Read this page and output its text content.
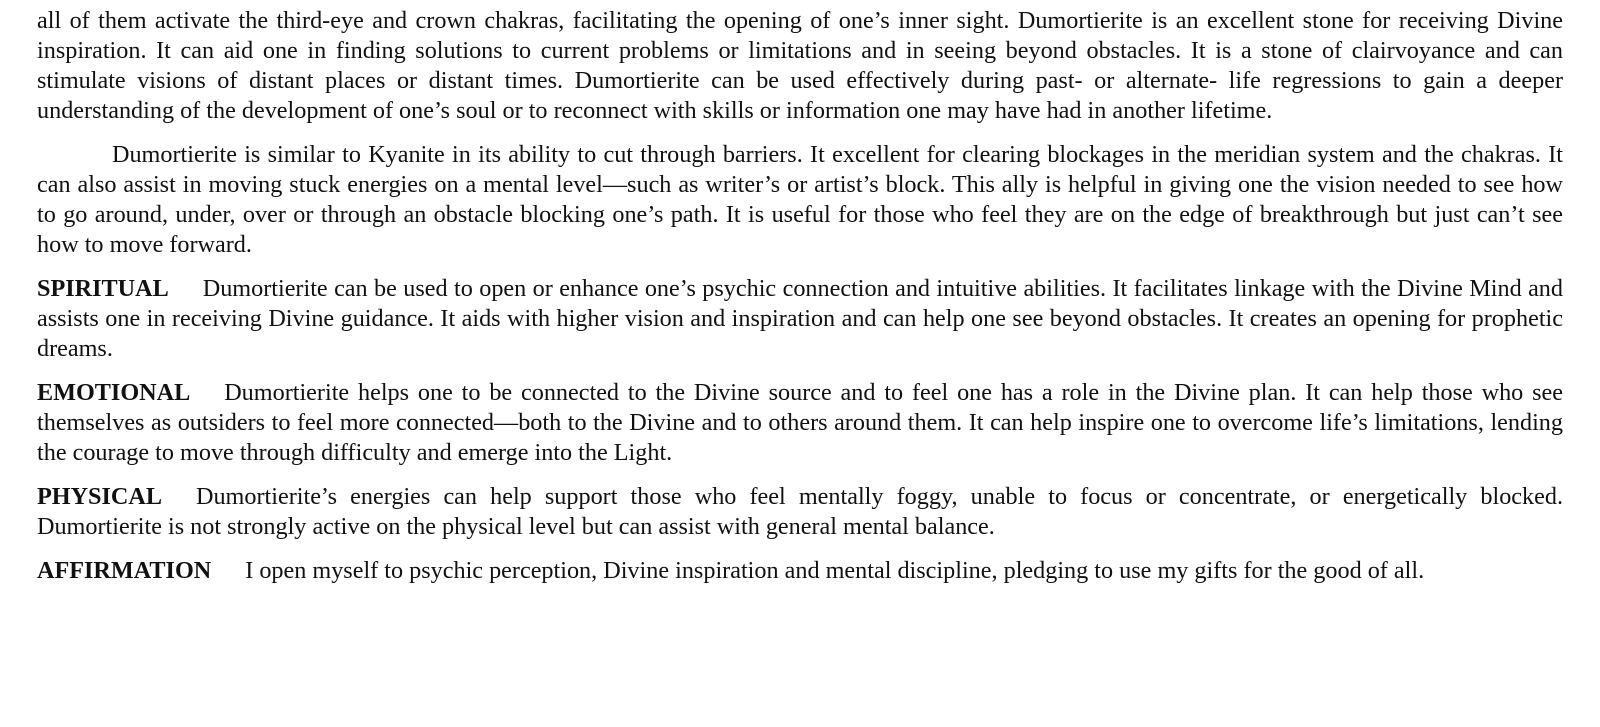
all of them activate the third-eye and crown chakras, facilitating the opening of one’s inner sight. Dumortierite is an excellent stone for receiving Divine inspiration. It can aid one in finding solutions to current problems or limitations and in seeing beyond obstacles. It is a stone of clairvoyance and can stimulate visions of distant places or distant times. Dumortierite can be used effectively during past- or alternate- life regressions to gain a deeper understanding of the development of one’s soul or to reconnect with skills or information one may have had in another lifetime.

Dumortierite is similar to Kyanite in its ability to cut through barriers. It excellent for clearing blockages in the meridian system and the chakras. It can also assist in moving stuck energies on a mental level—such as writer’s or artist’s block. This ally is helpful in giving one the vision needed to see how to go around, under, over or through an obstacle blocking one’s path. It is useful for those who feel they are on the edge of breakthrough but just can’t see how to move forward.

SPIRITUAL Dumortierite can be used to open or enhance one’s psychic connection and intuitive abilities. It facilitates linkage with the Divine Mind and assists one in receiving Divine guidance. It aids with higher vision and inspiration and can help one see beyond obstacles. It creates an opening for prophetic dreams.

EMOTIONAL Dumortierite helps one to be connected to the Divine source and to feel one has a role in the Divine plan. It can help those who see themselves as outsiders to feel more connected—both to the Divine and to others around them. It can help inspire one to overcome life’s limitations, lending the courage to move through difficulty and emerge into the Light.

PHYSICAL Dumortierite’s energies can help support those who feel mentally foggy, unable to focus or concentrate, or energetically blocked. Dumortierite is not strongly active on the physical level but can assist with general mental balance.

AFFIRMATION I open myself to psychic perception, Divine inspiration and mental discipline, pledging to use my gifts for the good of all.
